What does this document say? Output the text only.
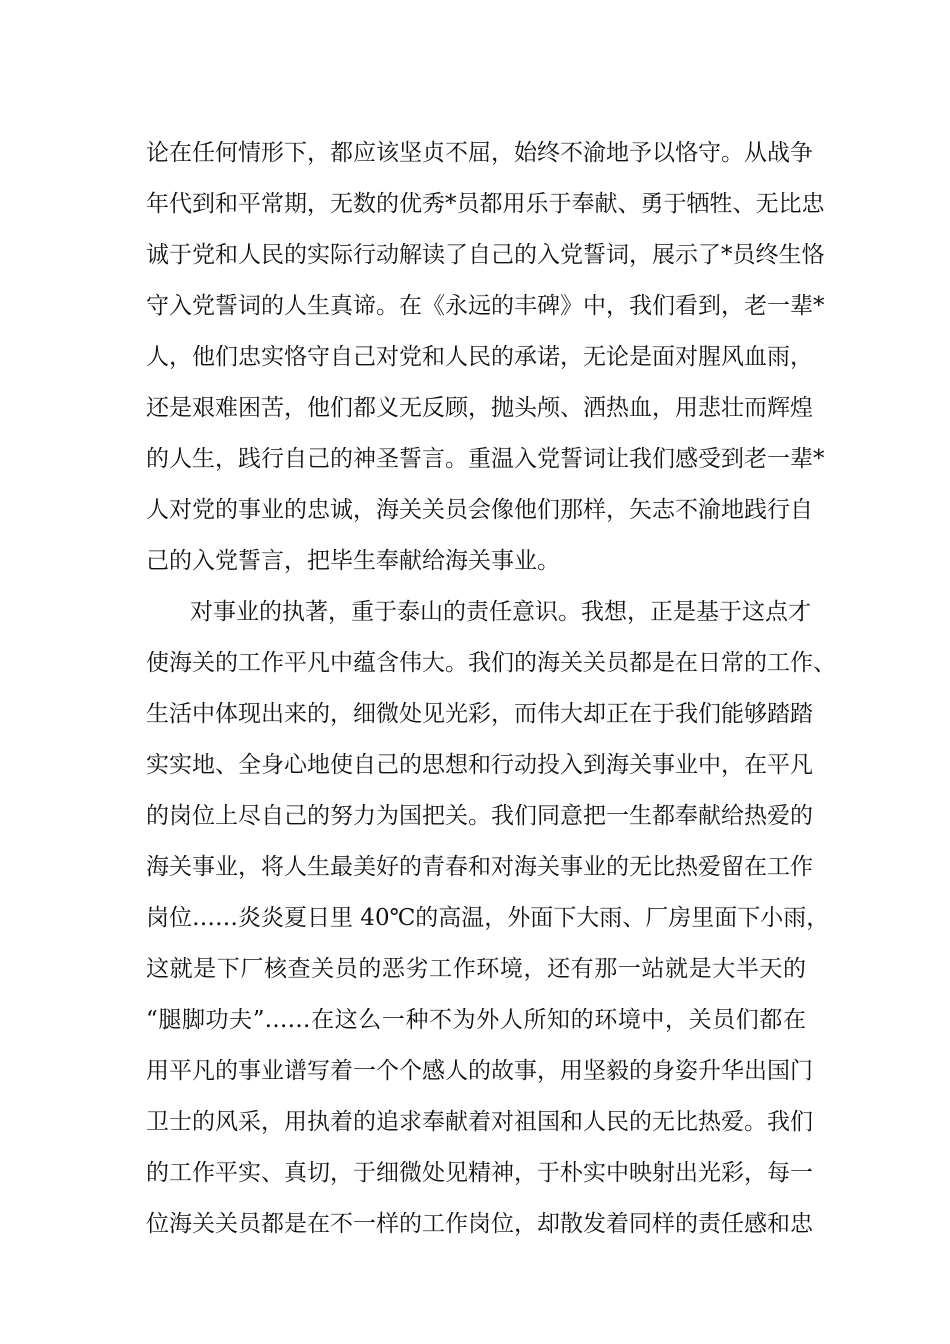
论在任何情形下，都应该坚贞不屈，始终不渝地予以恪守。从战争
年代到和平常期，无数的优秀*员都用乐于奉献、勇于牺牲、无比忠
诚于党和人民的实际行动解读了自己的入党誓词，展示了*员终生恪
守入党誓词的人生真谛。在《永远的丰碑》中，我们看到，老一辈*
人，他们忠实恪守自己对党和人民的承诺，无论是面对腥风血雨，
还是艰难困苦，他们都义无反顾，抛头颅、洒热血，用悲壮而辉煌
的人生，践行自己的神圣誓言。重温入党誓词让我们感受到老一辈*
人对党的事业的忠诚，海关关员会像他们那样，矢志不渝地践行自
己的入党誓言，把毕生奉献给海关事业。
对事业的执著，重于泰山的责任意识。我想，正是基于这点才
使海关的工作平凡中蕴含伟大。我们的海关关员都是在日常的工作、
生活中体现出来的，细微处见光彩，而伟大却正在于我们能够踏踏
实实地、全身心地使自己的思想和行动投入到海关事业中，在平凡
的岗位上尽自己的努力为国把关。我们同意把一生都奉献给热爱的
海关事业，将人生最美好的青春和对海关事业的无比热爱留在工作
岗位……炎炎夏日里 40℃的高温，外面下大雨、厂房里面下小雨，
这就是下厂核查关员的恶劣工作环境，还有那一站就是大半天的
“腿脚功夫”……在这么一种不为外人所知的环境中，关员们都在
用平凡的事业谱写着一个个感人的故事，用坚毅的身姿升华出国门
卫士的风采，用执着的追求奉献着对祖国和人民的无比热爱。我们
的工作平实、真切，于细微处见精神，于朴实中映射出光彩，每一
位海关关员都是在不一样的工作岗位，却散发着同样的责任感和忠
